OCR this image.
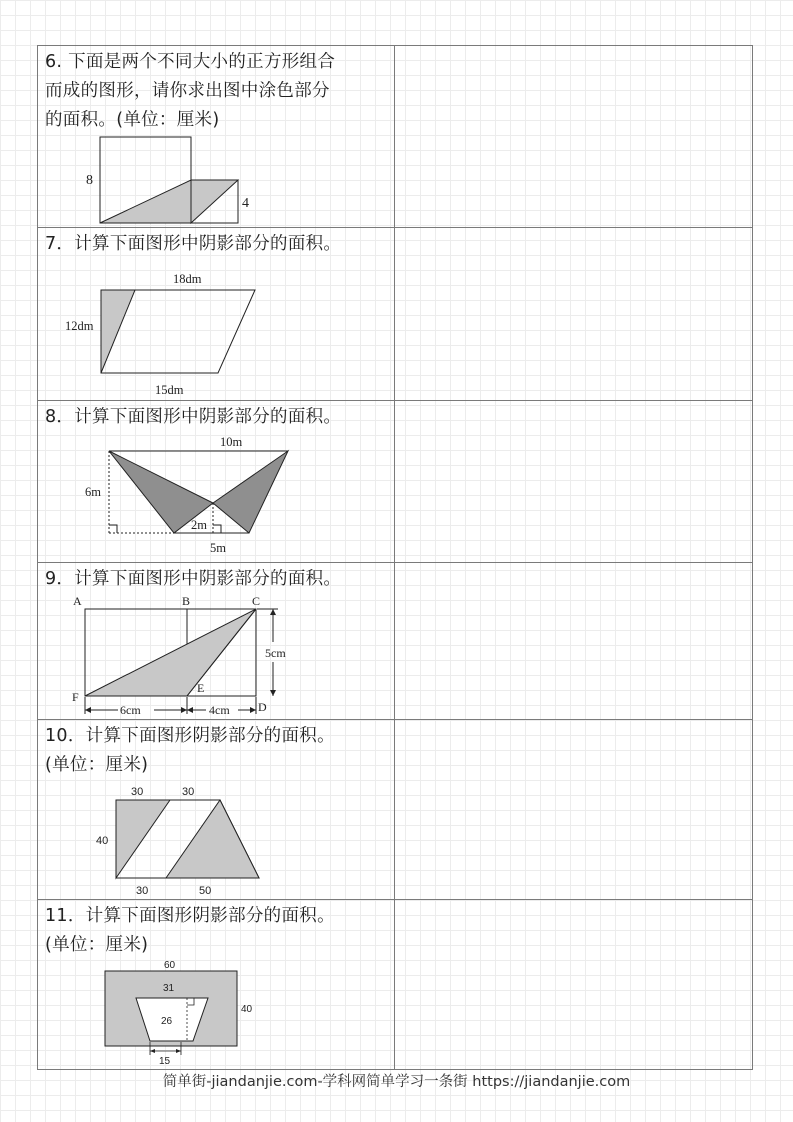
6. 下面是两个不同大小的正方形组合
而成的图形，请你求出图中涂色部分
的面积。(单位：厘米)
8
4
7．计算下面图形中阴影部分的面积。
18dm
12dm
15dm
8．计算下面图形中阴影部分的面积。
10m
6m
2m
5m
9．计算下面图形中阴影部分的面积。
A	B	C
D
E
F
6cm	4cm
5cm
10．计算下面图形阴影部分的面积。
(单位：厘米)
30	30
40
30	50
11．计算下面图形阴影部分的面积。
(单位：厘米)
60
40
31
26
15
简单街-jiandanjie.com-学科网简单学习一条街 https://jiandanjie.com
